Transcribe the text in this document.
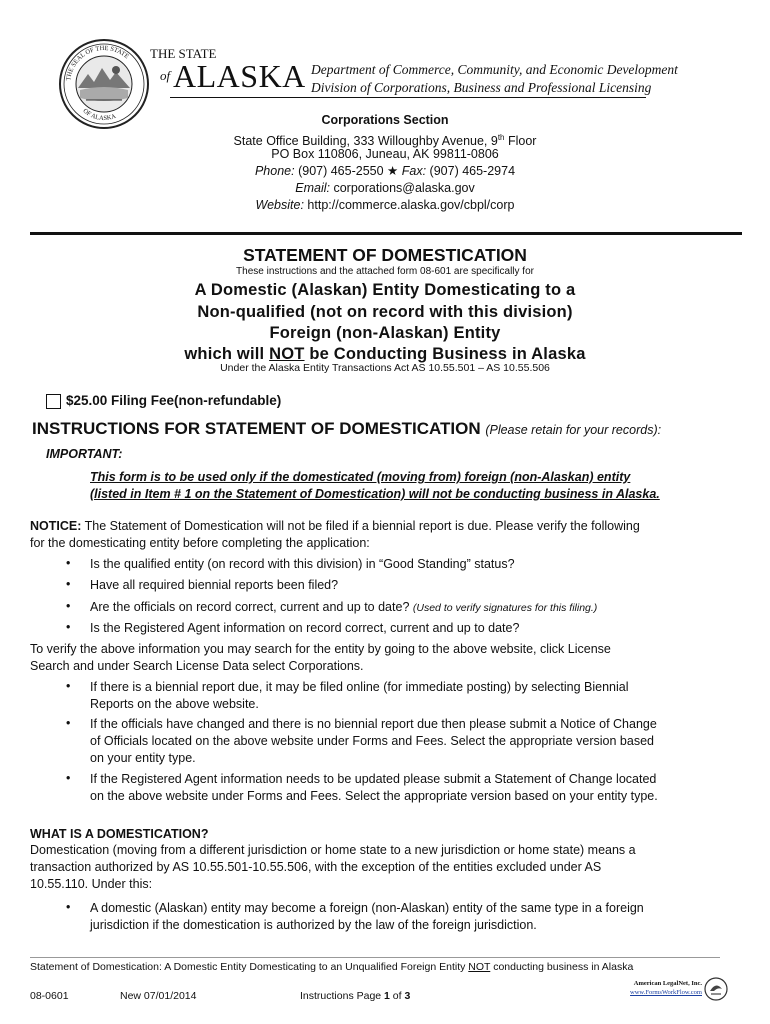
THE SEAL OF THE STATE
OF ALASKA
THE STATE
of ALASKA Department of Commerce, Community, and Economic Development
Division of Corporations, Business and Professional Licensing
Corporations Section
State Office Building, 333 Willoughby Avenue, 9th Floor
PO Box 110806, Juneau, AK 99811-0806
Phone: (907) 465-2550 ★ Fax: (907) 465-2974
Email: corporations@alaska.gov
Website: http://commerce.alaska.gov/cbpl/corp
STATEMENT OF DOMESTICATION
These instructions and the attached form 08-601 are specifically for
A Domestic (Alaskan) Entity Domesticating to a
Non-qualified (not on record with this division)
Foreign (non-Alaskan) Entity
which will NOT be Conducting Business in Alaska
Under the Alaska Entity Transactions Act AS 10.55.501 – AS 10.55.506
$25.00 Filing Fee(non-refundable)
INSTRUCTIONS FOR STATEMENT OF DOMESTICATION (Please retain for your records):
IMPORTANT:
This form is to be used only if the domesticated (moving from) foreign (non-Alaskan) entity
(listed in Item # 1 on the Statement of Domestication) will not be conducting business in Alaska.
NOTICE: The Statement of Domestication will not be filed if a biennial report is due. Please verify the following
for the domesticating entity before completing the application:
• Is the qualified entity (on record with this division) in “Good Standing” status?
• Have all required biennial reports been filed?
• Are the officials on record correct, current and up to date? (Used to verify signatures for this filing.)
• Is the Registered Agent information on record correct, current and up to date?
To verify the above information you may search for the entity by going to the above website, click License
Search and under Search License Data select Corporations.
• If there is a biennial report due, it may be filed online (for immediate posting) by selecting Biennial
Reports on the above website.
• If the officials have changed and there is no biennial report due then please submit a Notice of Change
of Officials located on the above website under Forms and Fees. Select the appropriate version based
on your entity type.
• If the Registered Agent information needs to be updated please submit a Statement of Change located
on the above website under Forms and Fees. Select the appropriate version based on your entity type.
WHAT IS A DOMESTICATION?
Domestication (moving from a different jurisdiction or home state to a new jurisdiction or home state) means a
transaction authorized by AS 10.55.501-10.55.506, with the exception of the entities excluded under AS
10.55.110. Under this:
• A domestic (Alaskan) entity may become a foreign (non-Alaskan) entity of the same type in a foreign
jurisdiction if the domestication is authorized by the law of the foreign jurisdiction.
Statement of Domestication: A Domestic Entity Domesticating to an Unqualified Foreign Entity NOT conducting business in Alaska
08-0601	New 07/01/2014	Instructions Page 1 of 3
American LegalNet, Inc.
www.FormsWorkFlow.com
